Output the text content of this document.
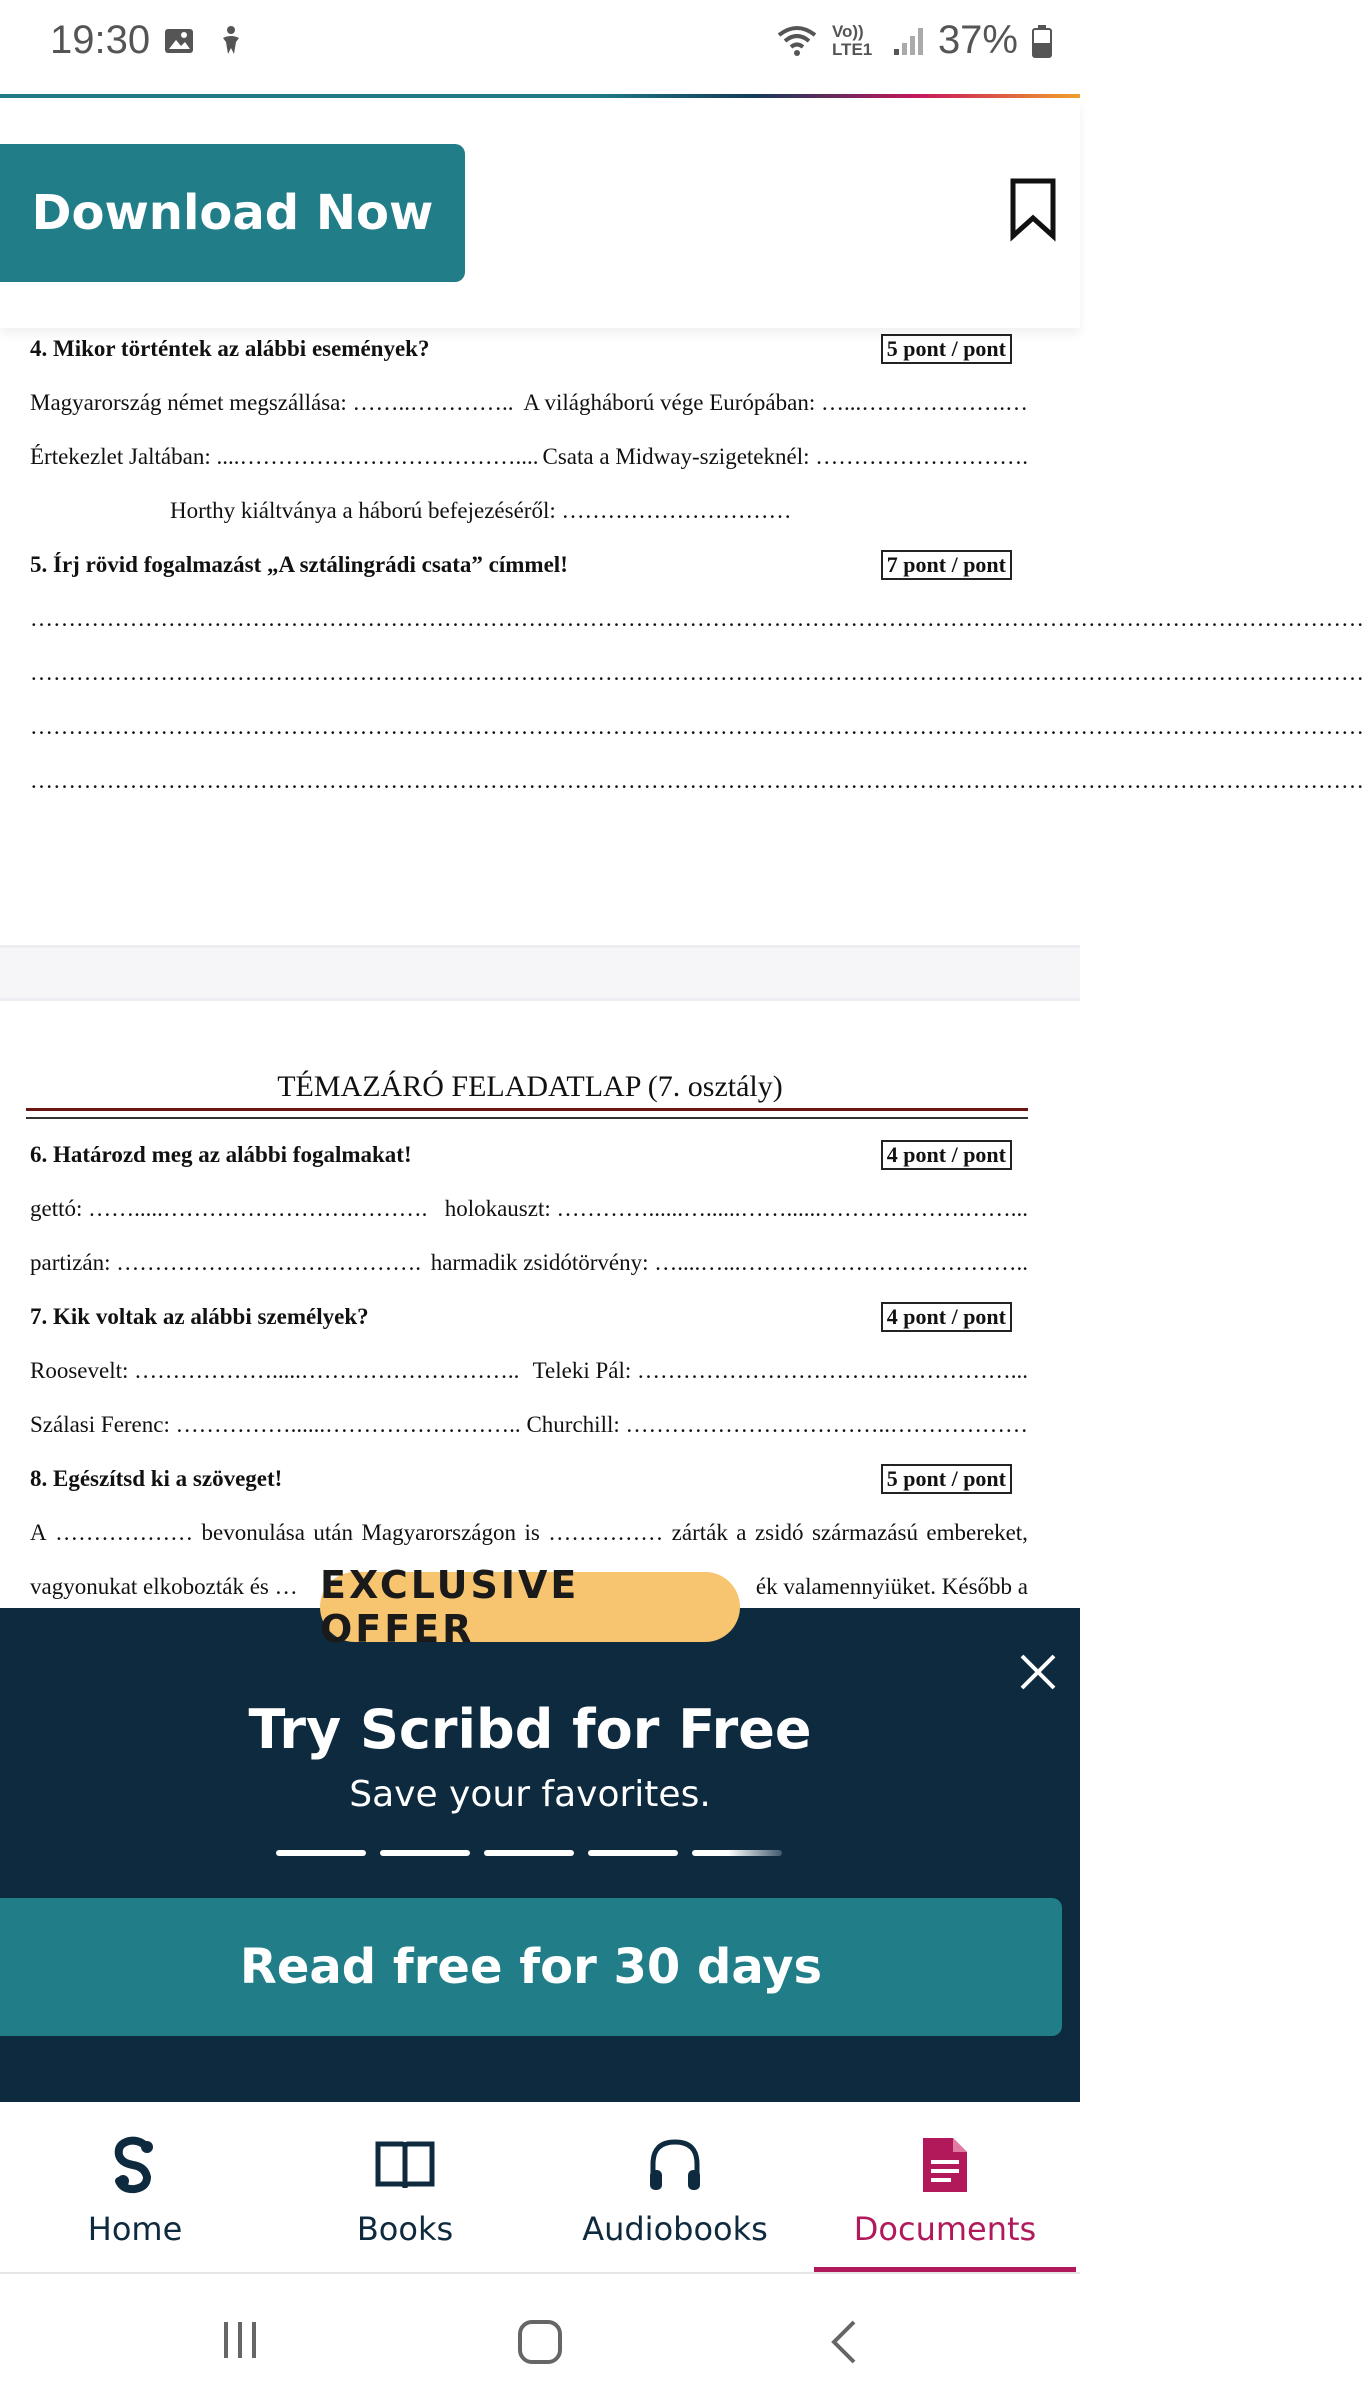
19:30	Vo)) LTE1 37%
Download Now
4. Mikor történtek az alábbi események?	5 pont / pont
Magyarország német megszállása: ……..………….. A világháború vége Európában: …...……………….…
Értekezlet Jaltában: ....……………………………….... Csata a Midway-szigeteknél: ……………………….
Horthy kiáltványa a háború befejezéséről: …………………………
5. Írj rövid fogalmazást „A sztálingrádi csata” címmel!	7 pont / pont
…………………………………………………………………………………………………………………………………………………………
…………………………………………………………………………………………………………………………………………………………
…………………………………………………………………………………………………………………………………………………………
…………………………………………………………………………………………………………………………………………………………
TÉMAZÁRÓ FELADATLAP (7. osztály)
6. Határozd meg az alábbi fogalmakat!	4 pont / pont
gettó: …….....…………………….………. holokauszt: …………......…......……......……………….……...
partizán: …………………………………. harmadik zsidótörvény: …....…...………………………………..
7. Kik voltak az alábbi személyek?	4 pont / pont
Roosevelt: ……………….....……………………….. Teleki Pál: ……………………………….…………...
Szálasi Ferenc: ……………......…………………….. Churchill: ……………………………..………………
8. Egészítsd ki a szöveget!	5 pont / pont
A ……………… bevonulása után Magyarországon is …………… zárták a zsidó származású embereket,
vagyonukat elkobozták és …	ék valamennyiüket. Később a
EXCLUSIVE OFFER
Try Scribd for Free
Save your favorites.
Read free for 30 days
Home	Books	Audiobooks	Documents
